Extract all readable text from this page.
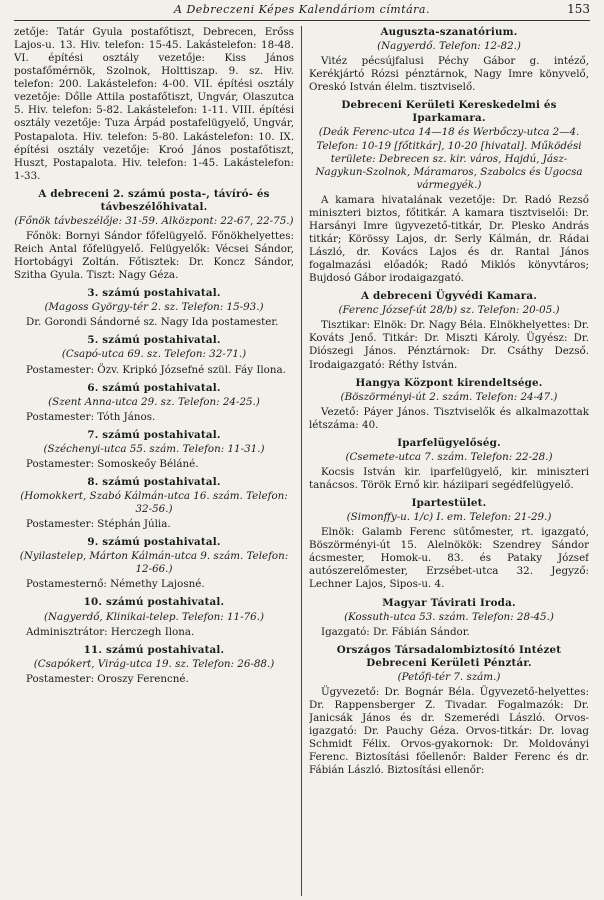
A Debreczeni Képes Kalendáriom címtára.	153

zetője: Tatár Gyula postafőtiszt, Debrecen, Erőss Lajos-u. 13. Hiv. telefon: 15-45. Lakástelefon: 18-48. VI. építési osztály vezetője: Kiss János postafőmérnök, Szolnok, Holttiszap. 9. sz. Hiv. telefon: 200. Lakástelefon: 4-00. VII. építési osztály vezetője: Dőlle Attila postafőtiszt, Ungvár, Olaszutca 5. Hiv. telefon: 5-82. Lakástelefon: 1-11. VIII. építési osztály vezetője: Tuza Árpád postafelügyelő, Ungvár, Postapalota. Hiv. telefon: 5-80. Lakástelefon: 10. IX. építési osztály vezetője: Kroó János postafőtiszt, Huszt, Postapalota. Hiv. telefon: 1-45. Lakástelefon: 1-33.

A debreceni 2. számú posta-, távíró- és távbeszélőhivatal.

(Főnök távbeszélője: 31-59. Alközpont: 22-67, 22-75.)

Főnök: Bornyi Sándor főfelügyelő. Főnökhelyettes: Reich Antal főfelügyelő. Felügyelők: Vécsei Sándor, Hortobágyi Zoltán. Főtisztek: Dr. Koncz Sándor, Szitha Gyula. Tiszt: Nagy Géza.

3. számú postahivatal.

(Magoss György-tér 2. sz. Telefon: 15-93.)

Dr. Gorondi Sándorné sz. Nagy Ida postamester.

5. számú postahivatal.

(Csapó-utca 69. sz. Telefon: 32-71.)

Postamester: Özv. Kripkó Józsefné szül. Fáy Ilona.

6. számú postahivatal.

(Szent Anna-utca 29. sz. Telefon: 24-25.)

Postamester: Tóth János.

7. számú postahivatal.

(Széchenyi-utca 55. szám. Telefon: 11-31.)

Postamester: Somoskeőy Béláné.

8. számú postahivatal.

(Homokkert, Szabó Kálmán-utca 16. szám. Telefon: 32-56.)

Postamester: Stéphán Júlia.

9. számú postahivatal.

(Nyilastelep, Márton Kálmán-utca 9. szám. Telefon: 12-66.)

Postamesternő: Némethy Lajosné.

10. számú postahivatal.

(Nagyerdő, Klinikai-telep. Telefon: 11-76.)

Adminisztrátor: Herczegh Ilona.

11. számú postahivatal.

(Csapókert, Virág-utca 19. sz. Telefon: 26-88.)

Postamester: Oroszy Ferencné.

Auguszta-szanatórium.

(Nagyerdő. Telefon: 12-82.)

Vitéz pécsújfalusi Péchy Gábor g. intéző, Kerékjártó Rózsi pénztárnok, Nagy Imre könyvelő, Oreskó István élelm. tisztviselő.

Debreceni Kerületi Kereskedelmi és Iparkamara.

(Deák Ferenc-utca 14—18 és Werbőczy-utca 2—4. Telefon: 10-19 [főtitkár], 10-20 [hivatal]. Működési területe: Debrecen sz. kir. város, Hajdú, Jász-Nagykun-Szolnok, Máramaros, Szabolcs és Ugocsa vármegyék.)

A kamara hivatalának vezetője: Dr. Radó Rezső miniszteri biztos, főtitkár. A kamara tisztviselői: Dr. Harsányi Imre ügyvezető-titkár, Dr. Plesko András titkár; Körössy Lajos, dr. Serly Kálmán, dr. Rádai László, dr. Kovács Lajos és dr. Rantal János fogalmazási előadók; Radó Miklós könyvtáros; Bujdosó Gábor irodaigazgató.

A debreceni Ügyvédi Kamara.

(Ferenc József-út 28/b) sz. Telefon: 20-05.)

Tisztikar: Elnök: Dr. Nagy Béla. Elnökhelyettes: Dr. Kováts Jenő. Titkár: Dr. Miszti Károly. Ügyész: Dr. Diószegi János. Pénztárnok: Dr. Csáthy Dezső. Irodaigazgató: Réthy István.

Hangya Központ kirendeltsége.

(Böszörményi-út 2. szám. Telefon: 24-47.)

Vezető: Páyer János. Tisztviselők és alkalmazottak létszáma: 40.

Iparfelügyelőség.

(Csemete-utca 7. szám. Telefon: 22-28.)

Kocsis István kir. iparfelügyelő, kir. miniszteri tanácsos. Török Ernő kir. háziipari segédfelügyelő.

Ipartestület.

(Simonffy-u. 1/c) I. em. Telefon: 21-29.)

Elnök: Galamb Ferenc sütőmester, rt. igazgató, Böszörményi-út 15. Alelnökök: Szendrey Sándor ácsmester, Homok-u. 83. és Pataky József autószerelőmester, Erzsébet-utca 32. Jegyző: Lechner Lajos, Sipos-u. 4.

Magyar Távirati Iroda.

(Kossuth-utca 53. szám. Telefon: 28-45.)

Igazgató: Dr. Fábián Sándor.

Országos Társadalombiztosító Intézet Debreceni Kerületi Pénztár.

(Petőfi-tér 7. szám.)

Ügyvezető: Dr. Bognár Béla. Ügyvezető-helyettes: Dr. Rappensberger Z. Tivadar. Fogalmazók: Dr. Janicsák János és dr. Szemerédi László. Orvos-igazgató: Dr. Pauchy Géza. Orvos-titkár: Dr. lovag Schmidt Félix. Orvos-gyakornok: Dr. Moldoványi Ferenc. Biztosítási főellenőr: Balder Ferenc és dr. Fábián László. Biztosítási ellenőr:
